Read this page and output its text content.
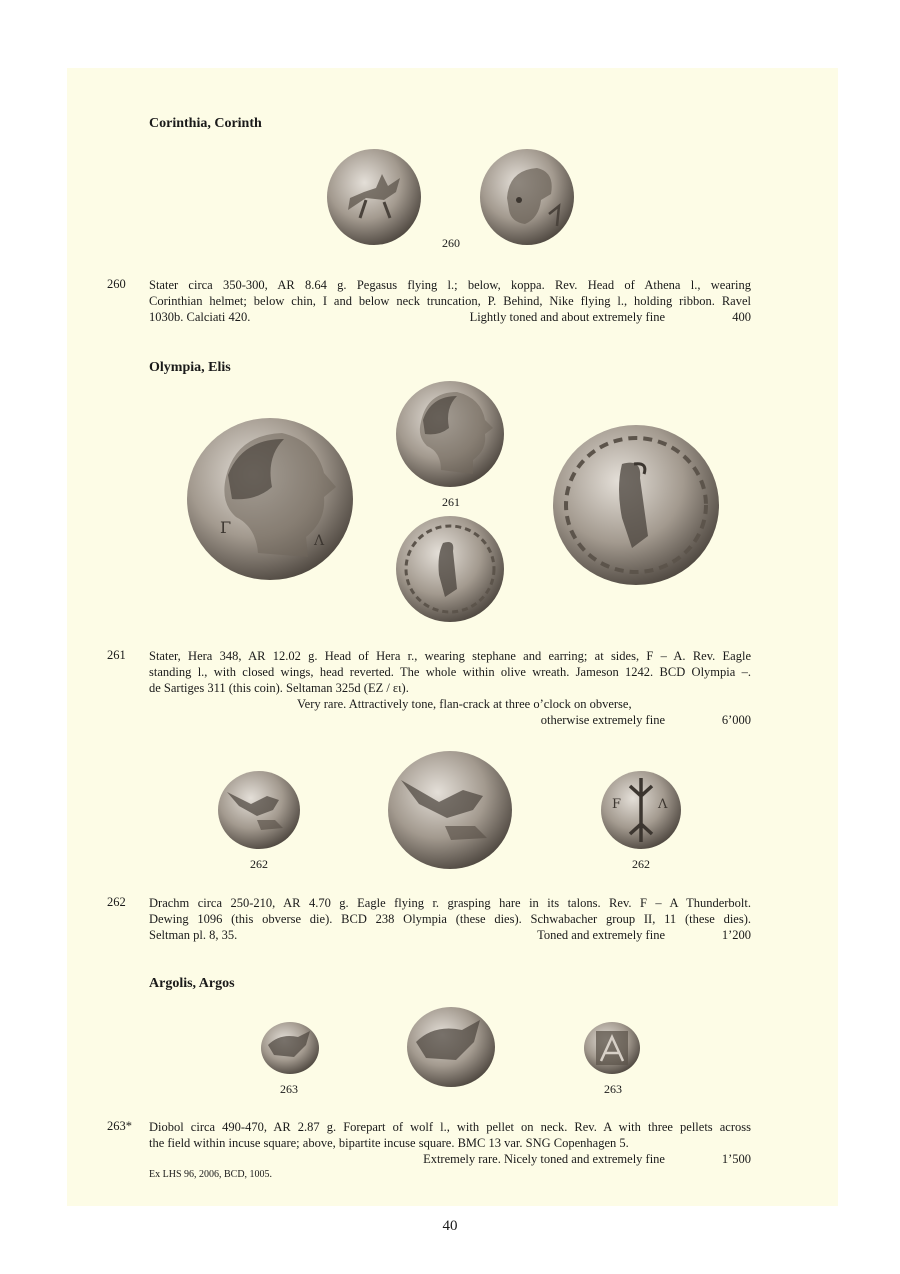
Corinthia, Corinth
260
260 Stater circa 350-300, AR 8.64 g. Pegasus flying l.; below, koppa. Rev. Head of Athena l., wearing

Corinthian helmet; below chin, I and below neck truncation, P. Behind, Nike flying l., holding ribbon. Ravel

1030b. Calciati 420.	Lightly toned and about extremely fine	400
Olympia, Elis
Γ
Λ
261
261 Stater, Hera 348, AR 12.02 g. Head of Hera r., wearing stephane and earring; at sides, F – A. Rev. Eagle

standing l., with closed wings, head reverted. The whole within olive wreath. Jameson 1242. BCD Olympia –.

de Sartiges 311 (this coin). Seltaman 325d (EZ / ει).

Very rare. Attractively tone, flan-crack at three o’clock on obverse,
otherwise extremely fine	6’000
F	Λ
262	262
262 Drachm circa 250-210, AR 4.70 g. Eagle flying r. grasping hare in its talons. Rev. F – A Thunderbolt.

Dewing 1096 (this obverse die). BCD 238 Olympia (these dies). Schwabacher group II, 11 (these dies).

Seltman pl. 8, 35.	Toned and extremely fine	1’200
Argolis, Argos
263	263
263* Diobol circa 490-470, AR 2.87 g. Forepart of wolf l., with pellet on neck. Rev. A with three pellets across

the field within incuse square; above, bipartite incuse square. BMC 13 var. SNG Copenhagen 5.

Extremely rare. Nicely toned and extremely fine	1’500
Ex LHS 96, 2006, BCD, 1005.
40
